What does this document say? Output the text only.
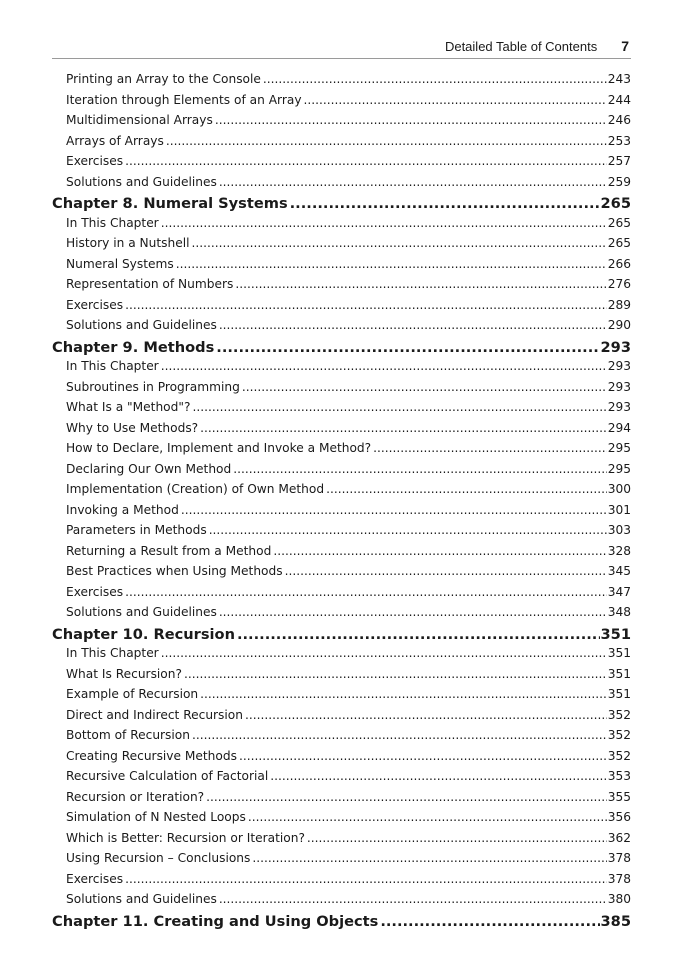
Detailed Table of Contents 7
Printing an Array to the Console .....	243
Iteration through Elements of an Array .....	244
Multidimensional Arrays .....	246
Arrays of Arrays .....	253
Exercises .....	257
Solutions and Guidelines .....	259
Chapter 8. Numeral Systems .....	265
In This Chapter .....	265
History in a Nutshell .....	265
Numeral Systems .....	266
Representation of Numbers .....	276
Exercises .....	289
Solutions and Guidelines .....	290
Chapter 9. Methods .....	293
In This Chapter .....	293
Subroutines in Programming .....	293
What Is a "Method"? .....	293
Why to Use Methods? .....	294
How to Declare, Implement and Invoke a Method? .....	295
Declaring Our Own Method .....	295
Implementation (Creation) of Own Method .....	300
Invoking a Method .....	301
Parameters in Methods .....	303
Returning a Result from a Method .....	328
Best Practices when Using Methods .....	345
Exercises .....	347
Solutions and Guidelines .....	348
Chapter 10. Recursion .....	351
In This Chapter .....	351
What Is Recursion? .....	351
Example of Recursion .....	351
Direct and Indirect Recursion .....	352
Bottom of Recursion .....	352
Creating Recursive Methods .....	352
Recursive Calculation of Factorial .....	353
Recursion or Iteration? .....	355
Simulation of N Nested Loops .....	356
Which is Better: Recursion or Iteration? .....	362
Using Recursion – Conclusions .....	378
Exercises .....	378
Solutions and Guidelines .....	380
Chapter 11. Creating and Using Objects .....	385
